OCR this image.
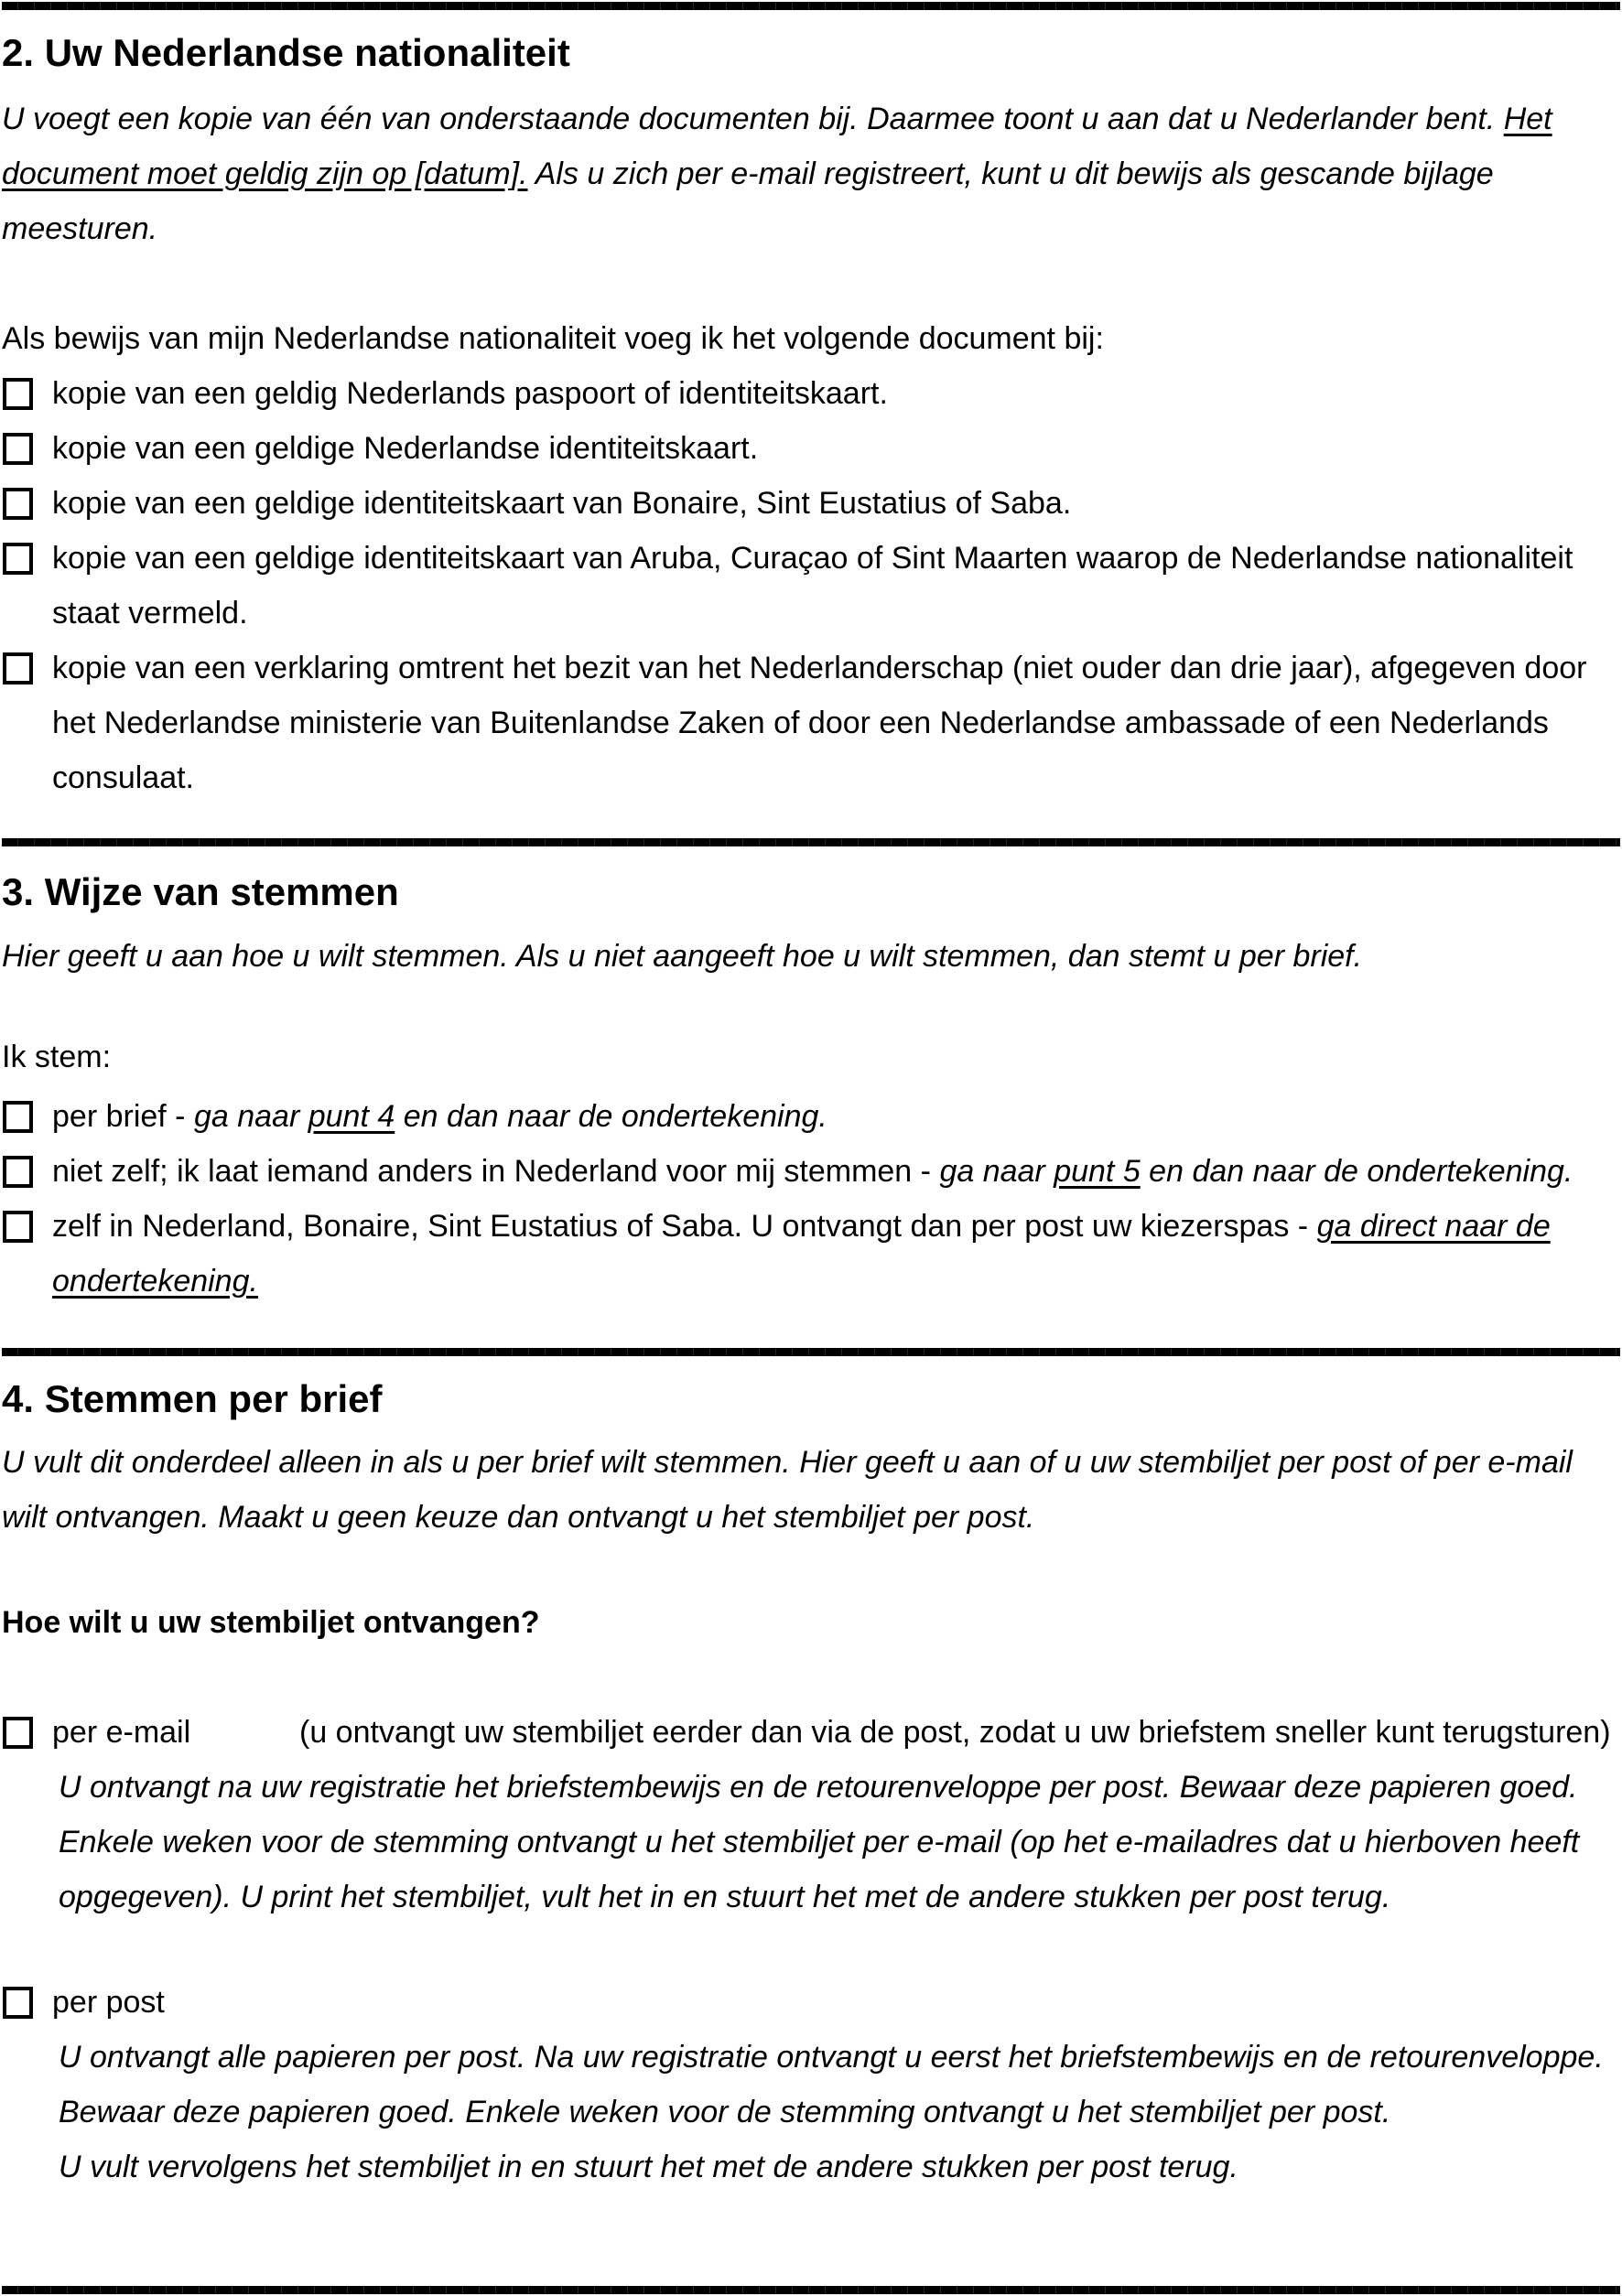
2. Uw Nederlandse nationaliteit

U voegt een kopie van één van onderstaande documenten bij. Daarmee toont u aan dat u Nederlander bent. Het
document moet geldig zijn op [datum]. Als u zich per e-mail registreert, kunt u dit bewijs als gescande bijlage
meesturen.

Als bewijs van mijn Nederlandse nationaliteit voeg ik het volgende document bij:

kopie van een geldig Nederlands paspoort of identiteitskaart.
kopie van een geldige Nederlandse identiteitskaart.
kopie van een geldige identiteitskaart van Bonaire, Sint Eustatius of Saba.
kopie van een geldige identiteitskaart van Aruba, Curaçao of Sint Maarten waarop de Nederlandse nationaliteit
staat vermeld.
kopie van een verklaring omtrent het bezit van het Nederlanderschap (niet ouder dan drie jaar), afgegeven door
het Nederlandse ministerie van Buitenlandse Zaken of door een Nederlandse ambassade of een Nederlands
consulaat.
3. Wijze van stemmen

Hier geeft u aan hoe u wilt stemmen. Als u niet aangeeft hoe u wilt stemmen, dan stemt u per brief.

Ik stem:

per brief - ga naar punt 4 en dan naar de ondertekening.
niet zelf; ik laat iemand anders in Nederland voor mij stemmen - ga naar punt 5 en dan naar de ondertekening.
zelf in Nederland, Bonaire, Sint Eustatius of Saba. U ontvangt dan per post uw kiezerspas - ga direct naar de
ondertekening.
4. Stemmen per brief

U vult dit onderdeel alleen in als u per brief wilt stemmen. Hier geeft u aan of u uw stembiljet per post of per e-mail
wilt ontvangen. Maakt u geen keuze dan ontvangt u het stembiljet per post.

Hoe wilt u uw stembiljet ontvangen?

per e-mail	(u ontvangt uw stembiljet eerder dan via de post, zodat u uw briefstem sneller kunt terugsturen)

U ontvangt na uw registratie het briefstembewijs en de retourenveloppe per post. Bewaar deze papieren goed.
Enkele weken voor de stemming ontvangt u het stembiljet per e-mail (op het e-mailadres dat u hierboven heeft
opgegeven). U print het stembiljet, vult het in en stuurt het met de andere stukken per post terug.

per post

U ontvangt alle papieren per post. Na uw registratie ontvangt u eerst het briefstembewijs en de retourenveloppe.
Bewaar deze papieren goed. Enkele weken voor de stemming ontvangt u het stembiljet per post.
U vult vervolgens het stembiljet in en stuurt het met de andere stukken per post terug.
